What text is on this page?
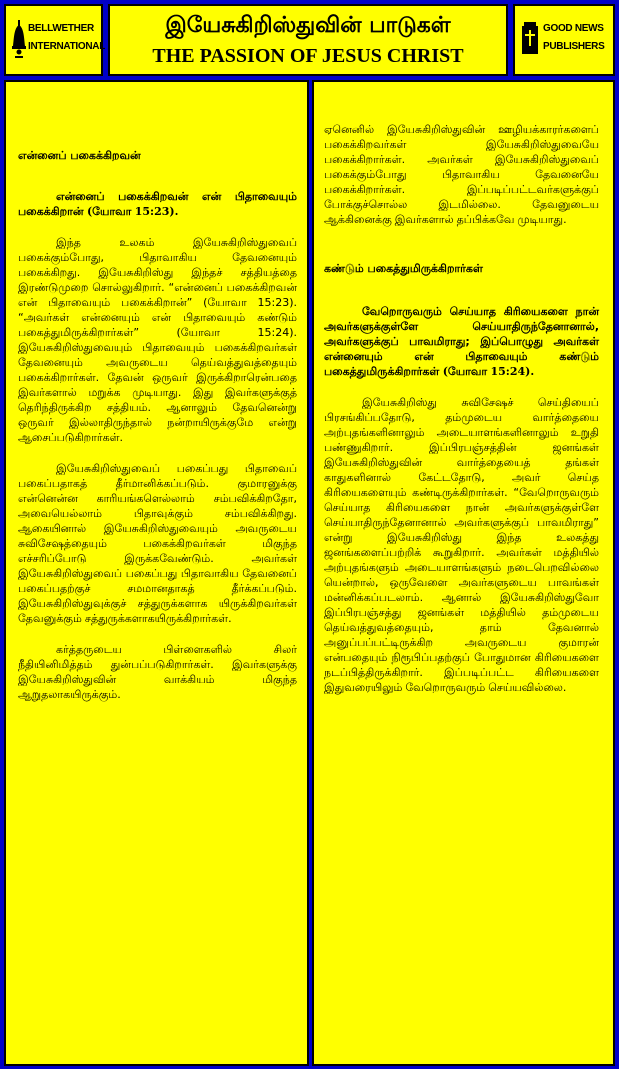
BELLWETHER
INTERNATIONAL
இயேசுகிறிஸ்துவின் பாடுகள்
THE PASSION OF JESUS CHRIST
GOOD NEWS
PUBLISHERS

என்னைப் பகைக்கிறவன்

என்னைப் பகைக்கிறவன் என் பிதாவையும் பகைக்கிறான் (யோவா 15:23).

இந்த உலகம் இயேசுகிறிஸ்துவைப் பகைக்கும்போது, பிதாவாகிய தேவனையும் பகைக்கிறது. இயேசுகிறிஸ்து இந்தச் சத்தியத்தை இரண்டுமுறை சொல்லுகிறார். “என்னைப் பகைக்கிறவன் என் பிதாவையும் பகைக்கிறான்” (யோவா 15:23). “அவர்கள் என்னையும் என் பிதாவையும் கண்டும் பகைத்துமிருக்கிறார்கள்” (யோவா 15:24). இயேசுகிறிஸ்துவையும் பிதாவையும் பகைக்கிறவர்கள் தேவனையும் அவருடைய தெய்வத்துவத்தையும் பகைக்கிறார்கள். தேவன் ஒருவர் இருக்கிறாரென்பதை இவர்களால் மறுக்க முடியாது. இது இவர்களுக்குத் தெரிந்திருக்கிற சத்தியம். ஆனாலும் தேவனென்று ஒருவர் இல்லாதிருந்தால் நன்றாயிருக்குமே என்று ஆசைப்படுகிறார்கள்.

இயேசுகிறிஸ்துவைப் பகைப்பது பிதாவைப் பகைப்பதாகத் தீர்மானிக்கப்படும். குமாரனுக்கு என்னென்ன காரியங்களெல்லாம் சம்பவிக்கிறதோ, அவையெல்லாம் பிதாவுக்கும் சம்பவிக்கிறது. ஆகையினால் இயேசுகிறிஸ்துவையும் அவருடைய சுவிசேஷத்தையும் பகைக்கிறவர்கள் மிகுந்த எச்சரிப்போடு இருக்கவேண்டும். அவர்கள் இயேசுகிறிஸ்துவைப் பகைப்பது பிதாவாகிய தேவனைப் பகைப்பதற்குச் சமமானதாகத் தீர்க்கப்படும். இயேசுகிறிஸ்துவுக்குச் சத்துருக்களாக யிருக்கிறவர்கள் தேவனுக்கும் சத்துருக்களாகயிருக்கிறார்கள்.

கர்த்தருடைய பிள்ளைகளில் சிலர் நீதியினிமித்தம் துன்பப்படுகிறார்கள். இவர்களுக்கு இயேசுகிறிஸ்துவின் வாக்கியம் மிகுந்த ஆறுதலாகயிருக்கும்.

ஏனெனில் இயேசுகிறிஸ்துவின் ஊழியக்காரர்களைப் பகைக்கிறவர்கள் இயேசுகிறிஸ்துவையே பகைக்கிறார்கள். அவர்கள் இயேசுகிறிஸ்துவைப் பகைக்கும்போது பிதாவாகிய தேவனையே பகைக்கிறார்கள். இப்படிப்பட்டவர்களுக்குப் போக்குச்சொல்ல இடமில்லை. தேவனுடைய ஆக்கினைக்கு இவர்களால் தப்பிக்கவே முடியாது.

கண்டும் பகைத்துமிருக்கிறார்கள்

வேறொருவரும் செய்யாத கிரியைகளை நான் அவர்களுக்குள்ளே செய்யாதிருந்தேனானால், அவர்களுக்குப் பாவமிராது; இப்பொழுது அவர்கள் என்னையும் என் பிதாவையும் கண்டும் பகைத்துமிருக்கிறார்கள் (யோவா 15:24).

இயேசுகிறிஸ்து சுவிசேஷச் செய்தியைப் பிரசங்கிப்பதோடு, தம்முடைய வார்த்தையை அற்புதங்களினாலும் அடையாளங்களினாலும் உறுதி பண்ணுகிறார். இப்பிரபஞ்சத்தின் ஜனங்கள் இயேசுகிறிஸ்துவின் வார்த்தையைத் தங்கள் காதுகளினால் கேட்டதோடு, அவர் செய்த கிரியைகளையும் கண்டிருக்கிறார்கள். “வேறொருவரும் செய்யாத கிரியைகளை நான் அவர்களுக்குள்ளே செய்யாதிருந்தேனானால் அவர்களுக்குப் பாவமிராது” என்று இயேசுகிறிஸ்து இந்த உலகத்து ஜனங்களைப்பற்றிக் கூறுகிறார். அவர்கள் மத்தியில் அற்புதங்களும் அடையாளங்களும் நடைபெறவில்லை யென்றால், ஒருவேளை அவர்களுடைய பாவங்கள் மன்னிக்கப்படலாம். ஆனால் இயேசுகிறிஸ்துவோ இப்பிரபஞ்சத்து ஜனங்கள் மத்தியில் தம்முடைய தெய்வத்துவத்தையும், தாம் தேவனால் அனுப்பப்பட்டிருக்கிற அவருடைய குமாரன் என்பதையும் நிரூபிப்பதற்குப் போதுமான கிரியைகளை நடப்பித்திருக்கிறார். இப்படிப்பட்ட கிரியைகளை இதுவரையிலும் வேறொருவரும் செய்யவில்லை.
